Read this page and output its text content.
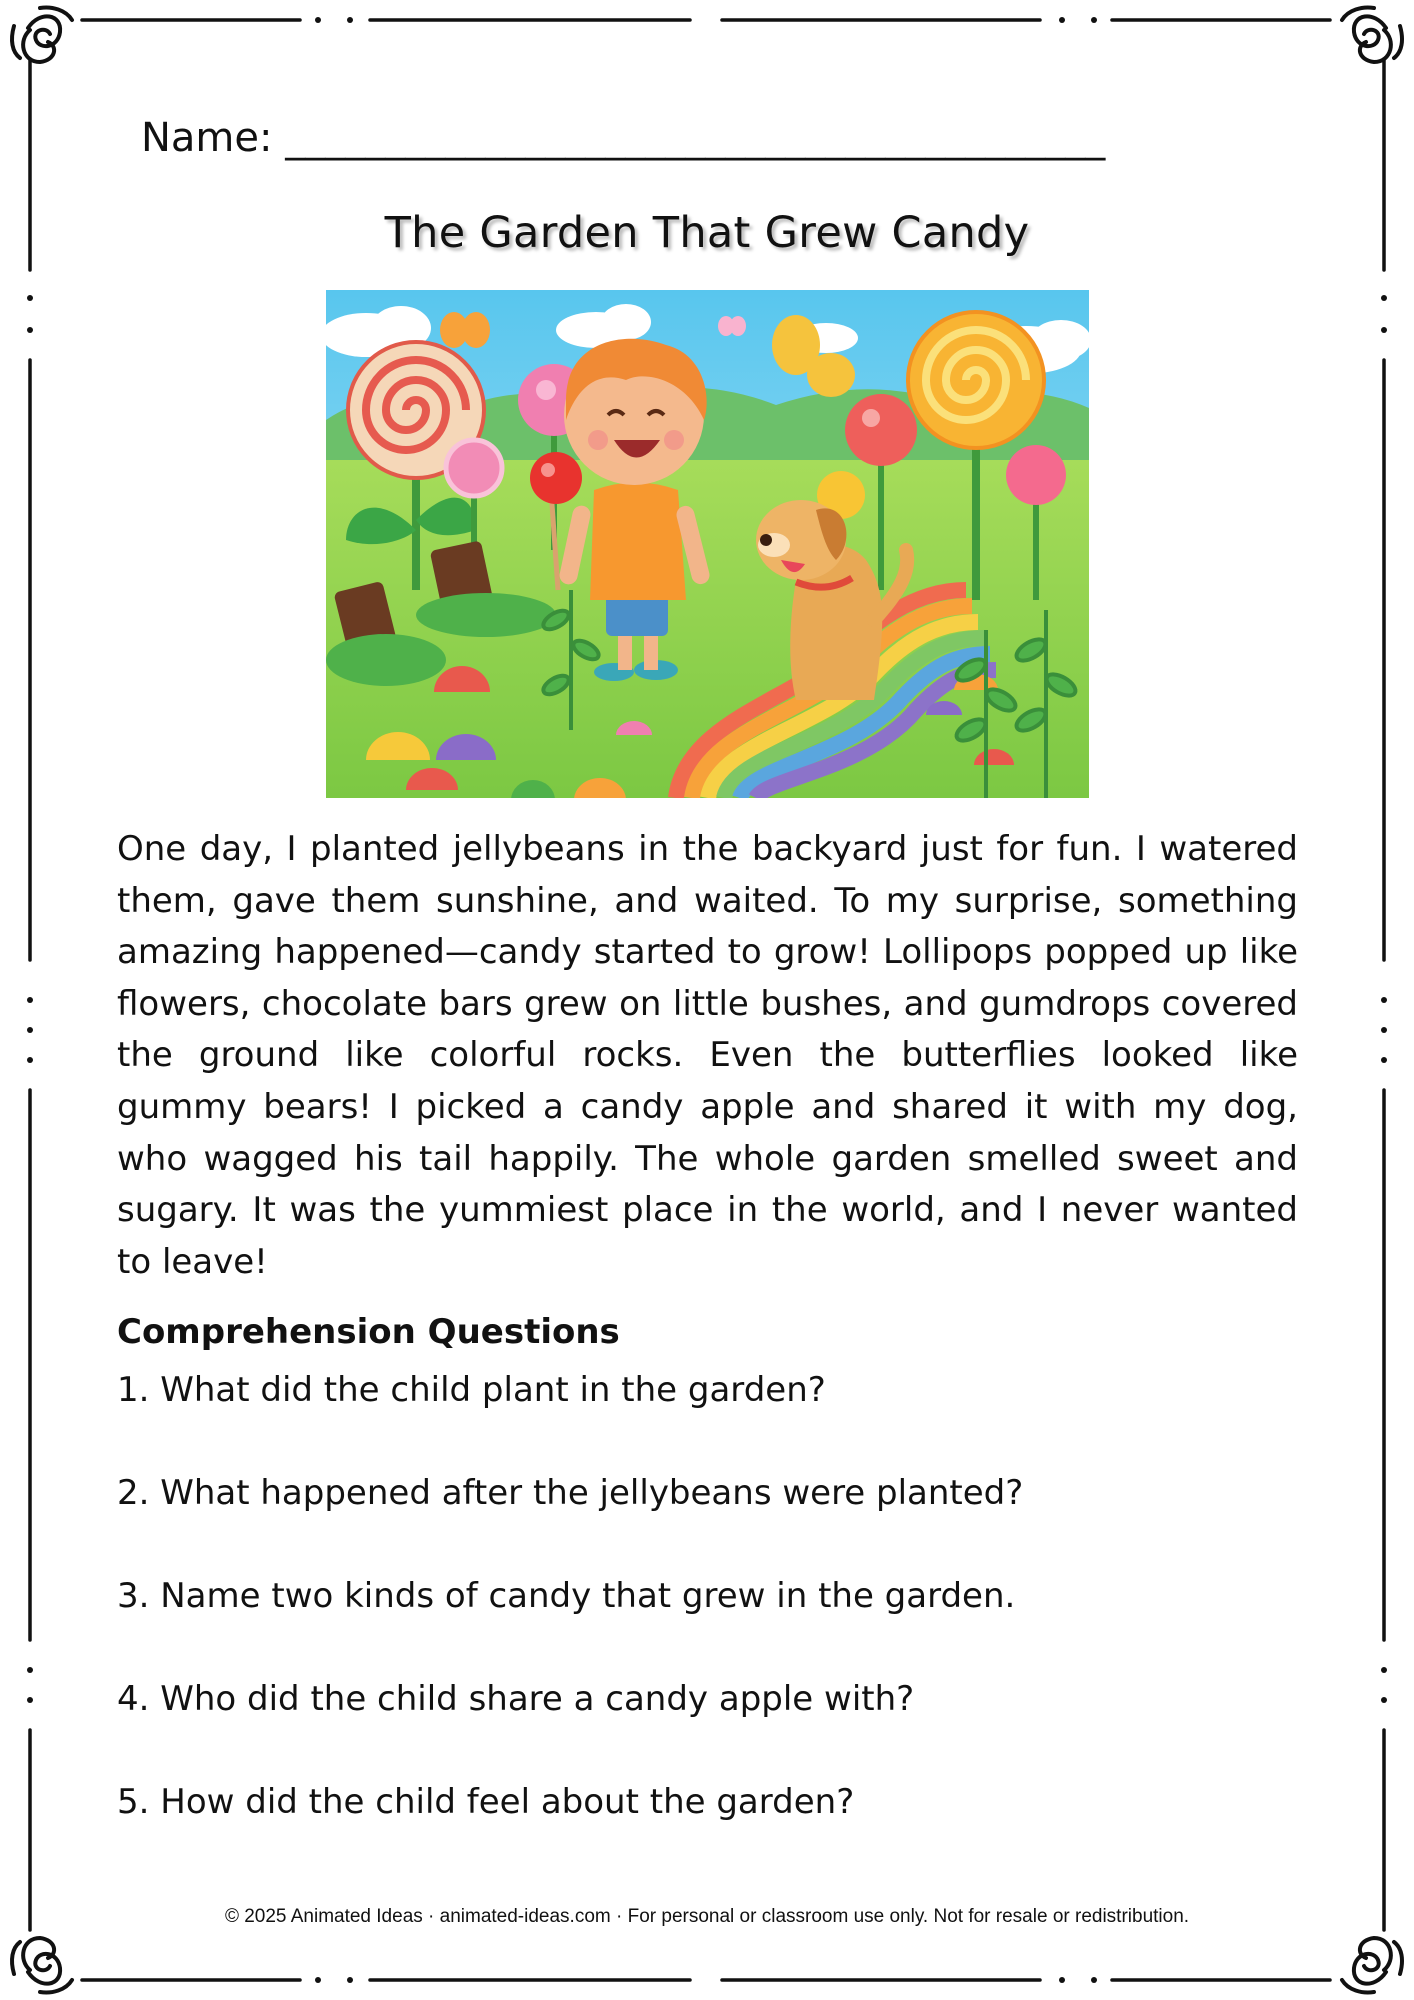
Name: _________________________________________
The Garden That Grew Candy

One day, I planted jellybeans in the backyard just for fun. I watered them, gave them sunshine, and waited. To my surprise, something amazing happened—candy started to grow! Lollipops popped up like flowers, chocolate bars grew on little bushes, and gumdrops covered the ground like colorful rocks. Even the butterflies looked like gummy bears! I picked a candy apple and shared it with my dog, who wagged his tail happily. The whole garden smelled sweet and sugary. It was the yummiest place in the world, and I never wanted to leave!

Comprehension Questions
1. What did the child plant in the garden?
2. What happened after the jellybeans were planted?
3. Name two kinds of candy that grew in the garden.
4. Who did the child share a candy apple with?
5. How did the child feel about the garden?
© 2025 Animated Ideas · animated-ideas.com · For personal or classroom use only. Not for resale or redistribution.
